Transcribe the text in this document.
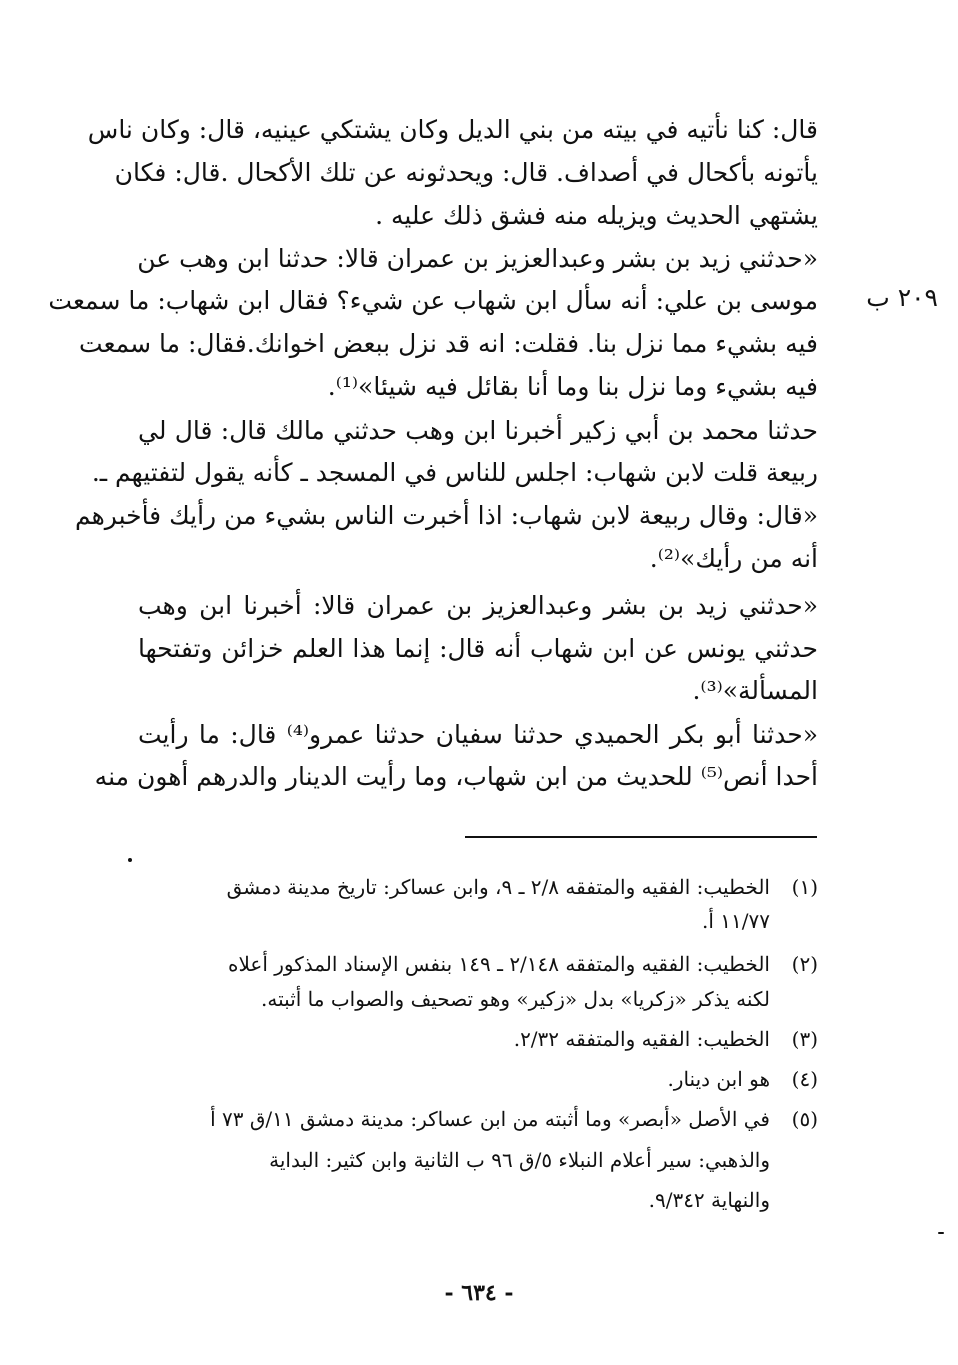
قال: كنا نأتيه في بيته من بني الديل وكان يشتكي عينيه، قال: وكان ناس
يأتونه بأكحال في أصداف. قال: ويحدثونه عن تلك الأكحال .قال: فكان
يشتهي الحديث ويزيله منه فشق ذلك عليه .
«حدثني زيد بن بشر وعبدالعزيز بن عمران قالا: حدثنا ابن وهب عن
موسى بن علي: أنه سأل ابن شهاب عن شيء؟ فقال ابن شهاب: ما سمعت
فيه بشيء مما نزل بنا. فقلت: انه قد نزل ببعض اخوانك.فقال: ما سمعت
فيه بشيء وما نزل بنا وما أنا بقائل فيه شيئا»⁽¹⁾.
حدثنا محمد بن أبي زكير أخبرنا ابن وهب حدثني مالك قال: قال لي
ربيعة قلت لابن شهاب: اجلس للناس في المسجد ـ كأنه يقول لتفتيهم ـ.
«قال: وقال ربيعة لابن شهاب: اذا أخبرت الناس بشيء من رأيك فأخبرهم
أنه من رأيك»⁽²⁾.
«حدثني زيد بن بشر وعبدالعزيز بن عمران قالا: أخبرنا ابن وهب
حدثني يونس عن ابن شهاب أنه قال: إنما هذا العلم خزائن وتفتحها
المسألة»⁽³⁾.
«حدثنا أبو بكر الحميدي حدثنا سفيان حدثنا عمرو⁽⁴⁾ قال: ما رأيت
أحدا أنص⁽⁵⁾ للحديث من ابن شهاب، وما رأيت الدينار والدرهم أهون منه
٢٠٩ ب
(١)الخطيب: الفقيه والمتفقه ٢/٨ ـ ٩، وابن عساكر: تاريخ مدينة دمشق
١١/٧٧ أ.
(٢)الخطيب: الفقيه والمتفقه ٢/١٤٨ ـ ١٤٩ بنفس الإسناد المذكور أعلاه
لكنه يذكر «زكريا» بدل «زكير» وهو تصحيف والصواب ما أثبته.
(٣)الخطيب: الفقيه والمتفقه ٢/٣٢.
(٤)هو ابن دينار.
(٥)في الأصل «أبصر» وما أثبته من ابن عساكر: مدينة دمشق ١١/ق ٧٣ أ
والذهبي: سير أعلام النبلاء ٥/ق ٩٦ ب الثانية وابن كثير: البداية
والنهاية ٩/٣٤٢.
- ٦٣٤ -
